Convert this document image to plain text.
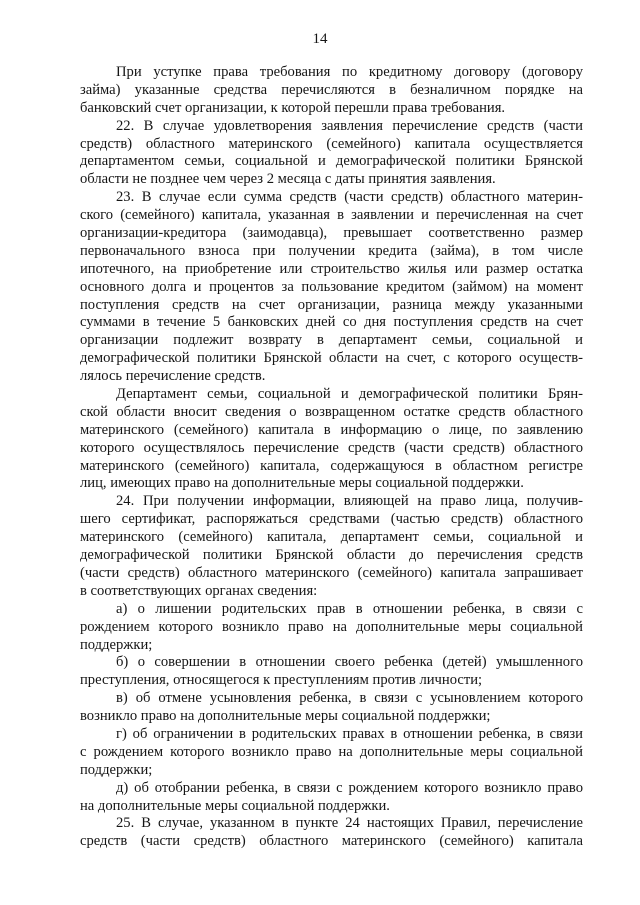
14
При уступке права требования по кредитному договору (договору
займа) указанные средства перечисляются в безналичном порядке на
банковский счет организации, к которой перешли права требования.
22. В случае удовлетворения заявления перечисление средств (части
средств) областного материнского (семейного) капитала осуществляется
департаментом семьи, социальной и демографической политики Брянской
области не позднее чем через 2 месяца с даты принятия заявления.
23. В случае если сумма средств (части средств) областного материн-
ского (семейного) капитала, указанная в заявлении и перечисленная на счет
организации-кредитора (заимодавца), превышает соответственно размер
первоначального взноса при получении кредита (займа), в том числе
ипотечного, на приобретение или строительство жилья или размер остатка
основного долга и процентов за пользование кредитом (займом) на момент
поступления средств на счет организации, разница между указанными
суммами в течение 5 банковских дней со дня поступления средств на счет
организации подлежит возврату в департамент семьи, социальной и
демографической политики Брянской области на счет, с которого осуществ-
лялось перечисление средств.
Департамент семьи, социальной и демографической политики Брян-
ской области вносит сведения о возвращенном остатке средств областного
материнского (семейного) капитала в информацию о лице, по заявлению
которого осуществлялось перечисление средств (части средств) областного
материнского (семейного) капитала, содержащуюся в областном регистре
лиц, имеющих право на дополнительные меры социальной поддержки.
24. При получении информации, влияющей на право лица, получив-
шего сертификат, распоряжаться средствами (частью средств) областного
материнского (семейного) капитала, департамент семьи, социальной и
демографической политики Брянской области до перечисления средств
(части средств) областного материнского (семейного) капитала запрашивает
в соответствующих органах сведения:
а) о лишении родительских прав в отношении ребенка, в связи с
рождением которого возникло право на дополнительные меры социальной
поддержки;
б) о совершении в отношении своего ребенка (детей) умышленного
преступления, относящегося к преступлениям против личности;
в) об отмене усыновления ребенка, в связи с усыновлением которого
возникло право на дополнительные меры социальной поддержки;
г) об ограничении в родительских правах в отношении ребенка, в связи
с рождением которого возникло право на дополнительные меры социальной
поддержки;
д) об отобрании ребенка, в связи с рождением которого возникло право
на дополнительные меры социальной поддержки.
25. В случае, указанном в пункте 24 настоящих Правил, перечисление
средств (части средств) областного материнского (семейного) капитала
